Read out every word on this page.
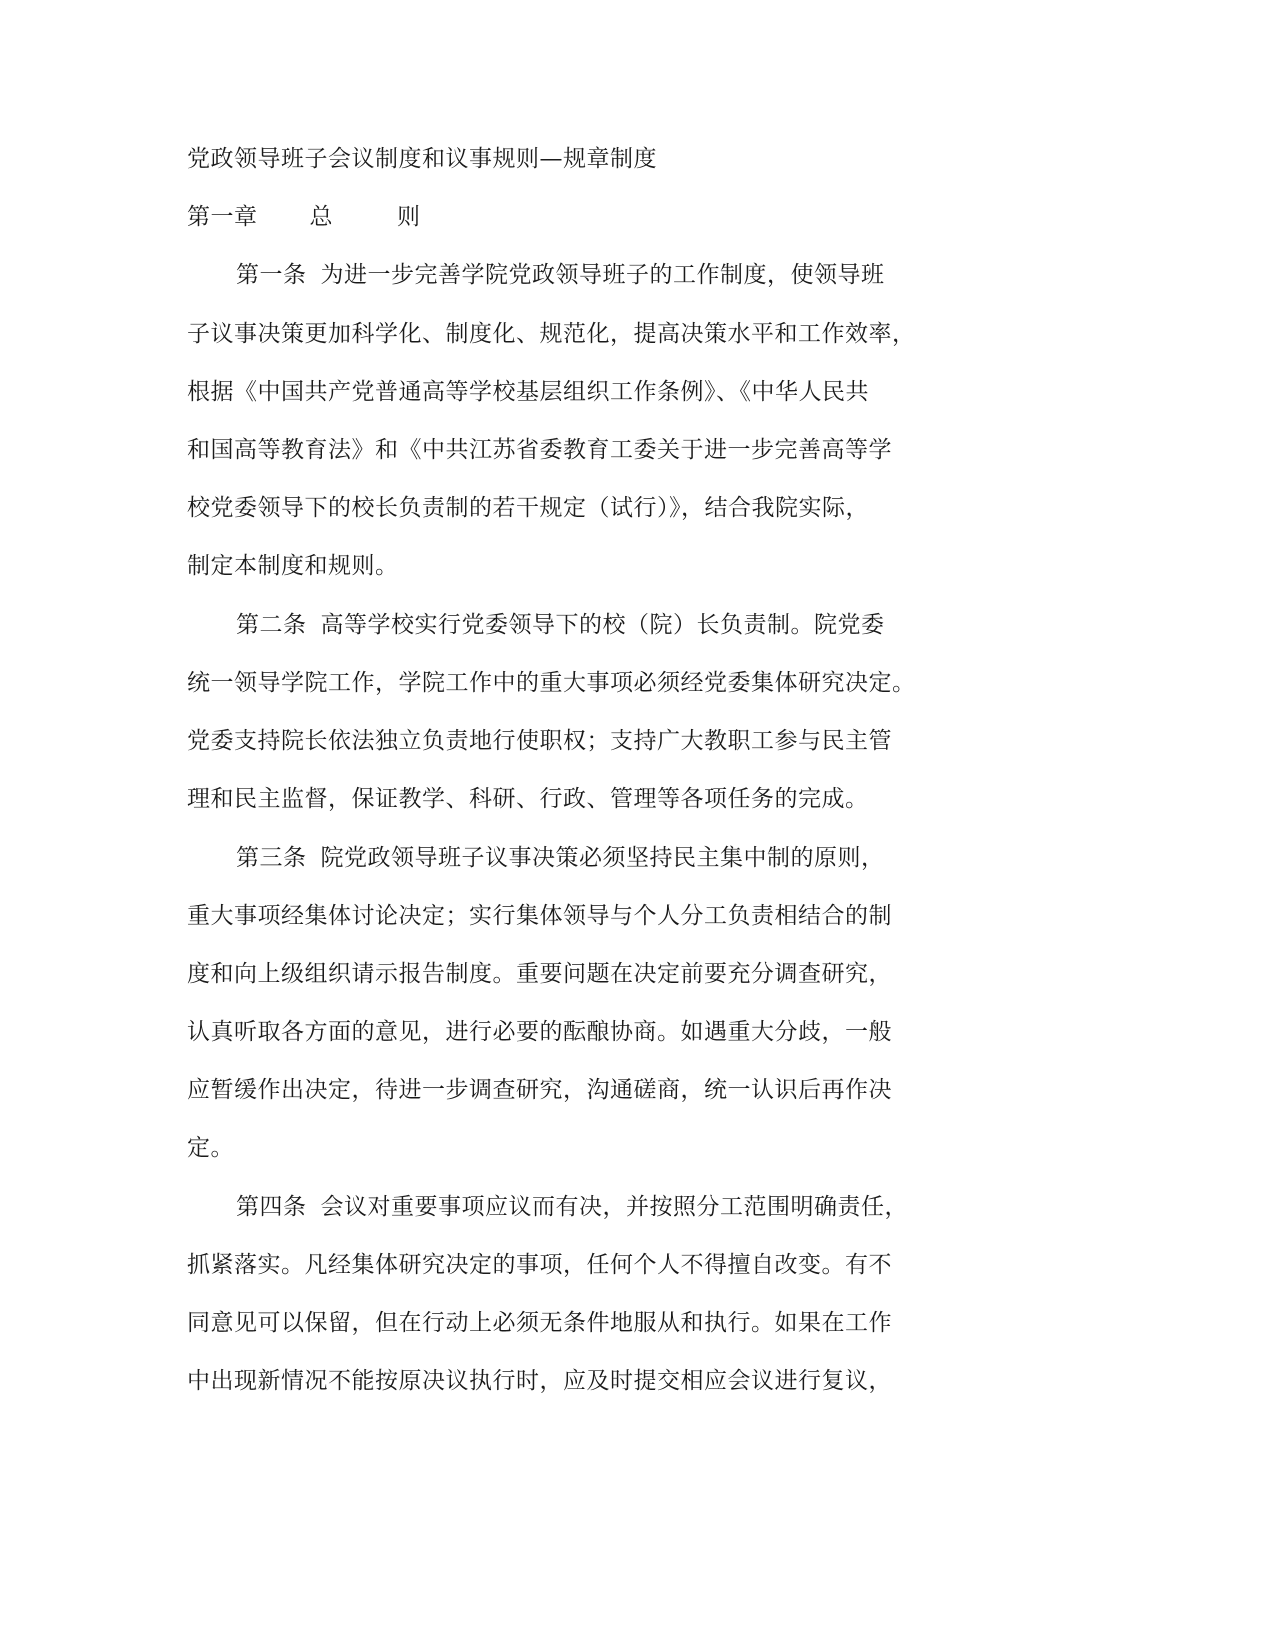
党政领导班子会议制度和议事规则—规章制度
第一章 总	则
第一条 为进一步完善学院党政领导班子的工作制度，使领导班
子议事决策更加科学化、制度化、规范化，提高决策水平和工作效率，
根据《中国共产党普通高等学校基层组织工作条例》、《中华人民共
和国高等教育法》和《中共江苏省委教育工委关于进一步完善高等学
校党委领导下的校长负责制的若干规定（试行）》，结合我院实际，
制定本制度和规则。
第二条 高等学校实行党委领导下的校（院）长负责制。院党委
统一领导学院工作，学院工作中的重大事项必须经党委集体研究决定。
党委支持院长依法独立负责地行使职权；支持广大教职工参与民主管
理和民主监督，保证教学、科研、行政、管理等各项任务的完成。
第三条 院党政领导班子议事决策必须坚持民主集中制的原则，
重大事项经集体讨论决定；实行集体领导与个人分工负责相结合的制
度和向上级组织请示报告制度。重要问题在决定前要充分调查研究，
认真听取各方面的意见，进行必要的酝酿协商。如遇重大分歧，一般
应暂缓作出决定，待进一步调查研究，沟通磋商，统一认识后再作决
定。
第四条 会议对重要事项应议而有决，并按照分工范围明确责任，
抓紧落实。凡经集体研究决定的事项，任何个人不得擅自改变。有不
同意见可以保留，但在行动上必须无条件地服从和执行。如果在工作
中出现新情况不能按原决议执行时，应及时提交相应会议进行复议，
